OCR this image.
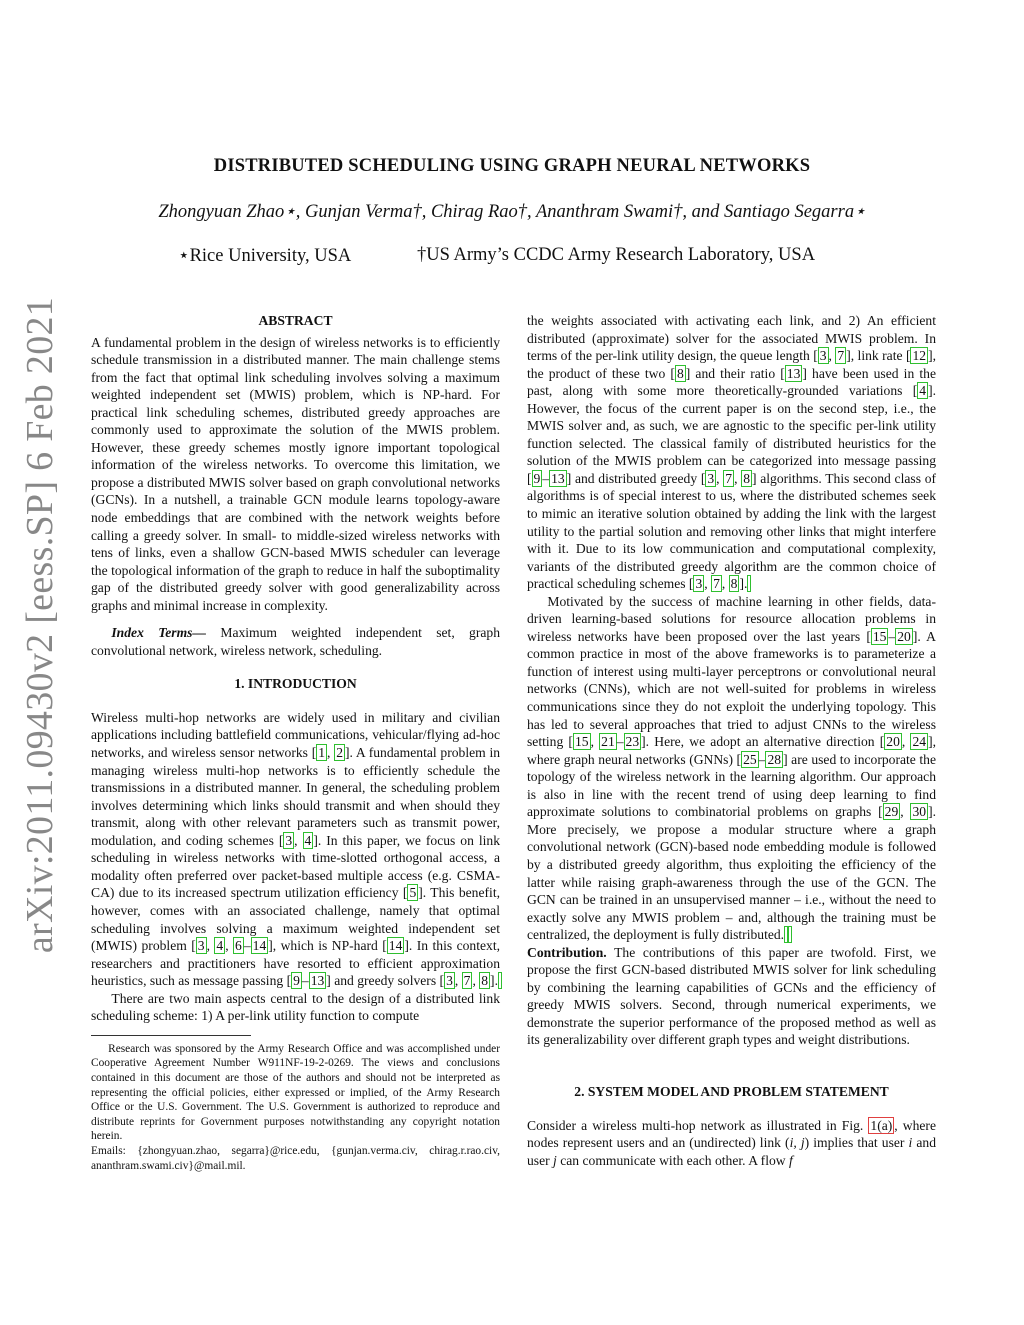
arXiv:2011.09430v2 [eess.SP] 6 Feb 2021
DISTRIBUTED SCHEDULING USING GRAPH NEURAL NETWORKS
Zhongyuan Zhao⋆, Gunjan Verma†, Chirag Rao†, Ananthram Swami†, and Santiago Segarra⋆
⋆Rice University, USA	†US Army’s CCDC Army Research Laboratory, USA
ABSTRACT

A fundamental problem in the design of wireless networks is to efficiently schedule transmission in a distributed manner. The main challenge stems from the fact that optimal link scheduling involves solving a maximum weighted independent set (MWIS) problem, which is NP-hard. For practical link scheduling schemes, distributed greedy approaches are commonly used to approximate the solution of the MWIS problem. However, these greedy schemes mostly ignore important topological information of the wireless networks. To overcome this limitation, we propose a distributed MWIS solver based on graph convolutional networks (GCNs). In a nutshell, a trainable GCN module learns topology-aware node embeddings that are combined with the network weights before calling a greedy solver. In small- to middle-sized wireless networks with tens of links, even a shallow GCN-based MWIS scheduler can leverage the topological information of the graph to reduce in half the suboptimality gap of the distributed greedy solver with good generalizability across graphs and minimal increase in complexity.

Index Terms— Maximum weighted independent set, graph convolutional network, wireless network, scheduling.

1. INTRODUCTION

Wireless multi-hop networks are widely used in military and civilian applications including battlefield communications, vehicular/flying ad-hoc networks, and wireless sensor networks [ 1 , 2 ]. A fundamental problem in managing wireless multi-hop networks is to efficiently schedule the transmissions in a distributed manner. In general, the scheduling problem involves determining which links should transmit and when should they transmit, along with other relevant parameters such as transmit power, modulation, and coding schemes [ 3 , 4 ]. In this paper, we focus on link scheduling in wireless networks with time-slotted orthogonal access, a modality often preferred over packet-based multiple access (e.g. CSMA-CA) due to its increased spectrum utilization efficiency [ 5 ]. This benefit, however, comes with an associated challenge, namely that optimal scheduling involves solving a maximum weighted independent set (MWIS) problem [ 3 , 4 , 6 – 14 ], which is NP-hard [ 14 ]. In this context, researchers and practitioners have resorted to efficient approximation heuristics, such as message passing [ 9 – 13 ] and greedy solvers [ 3 , 7 , 8 ].

There are two main aspects central to the design of a distributed link scheduling scheme: 1) A per-link utility function to compute

Research was sponsored by the Army Research Office and was accomplished under Cooperative Agreement Number W911NF-19-2-0269. The views and conclusions contained in this document are those of the authors and should not be interpreted as representing the official policies, either expressed or implied, of the Army Research Office or the U.S. Government. The U.S. Government is authorized to reproduce and distribute reprints for Government purposes notwithstanding any copyright notation herein.

Emails: {zhongyuan.zhao, segarra}@rice.edu, {gunjan.verma.civ, chirag.r.rao.civ, ananthram.swami.civ}@mail.mil.

the weights associated with activating each link, and 2) An efficient distributed (approximate) solver for the associated MWIS problem. In terms of the per-link utility design, the queue length [ 3 , 7 ], link rate [ 12 ], the product of these two [ 8 ] and their ratio [ 13 ] have been used in the past, along with some more theoretically-grounded variations [ 4 ]. However, the focus of the current paper is on the second step, i.e., the MWIS solver and, as such, we are agnostic to the specific per-link utility function selected. The classical family of distributed heuristics for the solution of the MWIS problem can be categorized into message passing [ 9 – 13 ] and distributed greedy [ 3 , 7 , 8 ] algorithms. This second class of algorithms is of special interest to us, where the distributed schemes seek to mimic an iterative solution obtained by adding the link with the largest utility to the partial solution and removing other links that might interfere with it. Due to its low communication and computational complexity, variants of the distributed greedy algorithm are the common choice of practical scheduling schemes [ 3 , 7 , 8 ].

Motivated by the success of machine learning in other fields, data-driven learning-based solutions for resource allocation problems in wireless networks have been proposed over the last years [ 15 – 20 ]. A common practice in most of the above frameworks is to parameterize a function of interest using multi-layer perceptrons or convolutional neural networks (CNNs), which are not well-suited for problems in wireless communications since they do not exploit the underlying topology. This has led to several approaches that tried to adjust CNNs to the wireless setting [ 15 , 21 – 23 ]. Here, we adopt an alternative direction [ 20 , 24 ], where graph neural networks (GNNs) [ 25 – 28 ] are used to incorporate the topology of the wireless network in the learning algorithm. Our approach is also in line with the recent trend of using deep learning to find approximate solutions to combinatorial problems on graphs [ 29 , 30 ]. More precisely, we propose a modular structure where a graph convolutional network (GCN)-based node embedding module is followed by a distributed greedy algorithm, thus exploiting the efficiency of the latter while raising graph-awareness through the use of the GCN. The GCN can be trained in an unsupervised manner – i.e., without the need to exactly solve any MWIS problem – and, although the training must be centralized, the deployment is fully distributed.

Contribution. The contributions of this paper are twofold. First, we propose the first GCN-based distributed MWIS solver for link scheduling by combining the learning capabilities of GCNs and the efficiency of greedy MWIS solvers. Second, through numerical experiments, we demonstrate the superior performance of the proposed method as well as its generalizability over different graph types and weight distributions.

2. SYSTEM MODEL AND PROBLEM STATEMENT

Consider a wireless multi-hop network as illustrated in Fig. 1(a) , where nodes represent users and an (undirected) link (i, j) implies that user i and user j can communicate with each other. A flow f
